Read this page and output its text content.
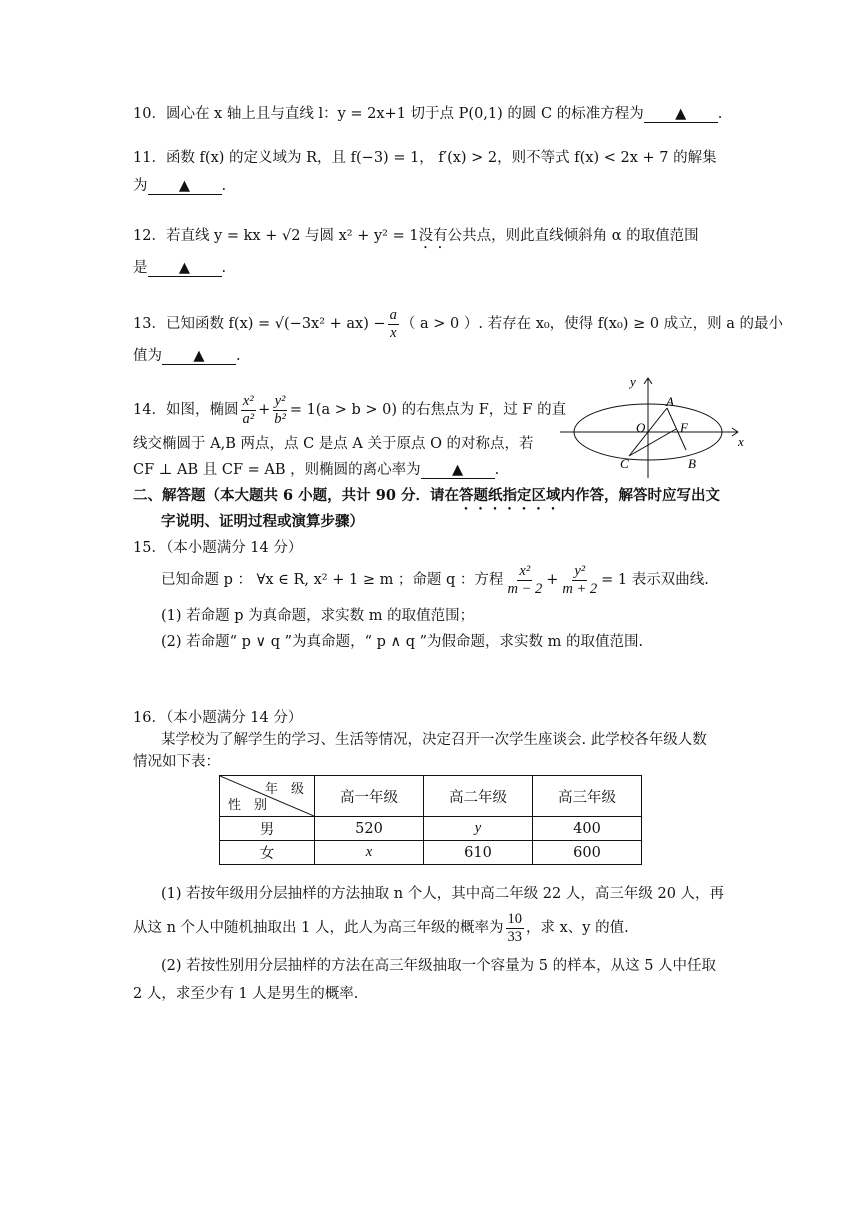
10．圆心在 x 轴上且与直线 l：y = 2x+1 切于点 P(0,1) 的圆 C 的标准方程为 ▲ .
11．函数 f(x) 的定义域为 R，且 f(−3) = 1， f′(x) > 2，则不等式 f(x) < 2x + 7 的解集
为 ▲ .
12．若直线 y = kx + √2 与圆 x² + y² = 1没有公共点，则此直线倾斜角 α 的取值范围
是 ▲ .
13．已知函数 $f(x) = √(-3x^2 + ax) - \frac{a}{x}$ （ a > 0 ）. 若存在 x₀，使得 f(x₀) ≥ 0 成立，则 a 的最小
值为 ▲ .
14．如图，椭圆 $\frac{\text{x²}}{\text{a²}} + \frac{\text{y²}}{\text{b²}} = 1(a > b > 0)$ 的右焦点为 F，过 F 的直
线交椭圆于 A,B 两点，点 C 是点 A 关于原点 O 的对称点，若
CF ⊥ AB 且 CF = AB ，则椭圆的离心率为 ▲ .
y
x
A
O	F
B
C
二、解答题（本大题共 6 小题，共计 90 分．请在答题纸指定区域内作答，解答时应写出文
字说明、证明过程或演算步骤）
15．（本小题满分 14 分）
已知命题 p ： ∀x ∈ R, x² + 1 ≥ m ；命题 q ：方程 $\frac{\text{x²}}{m - 2} + \frac{\text{y²}}{m + 2} = 1$ 表示双曲线.
(1) 若命题 p 为真命题，求实数 m 的取值范围；
(2) 若命题“ p ∨ q ”为真命题，“ p ∧ q ”为假命题，求实数 m 的取值范围.
16．（本小题满分 14 分）
某学校为了解学生的学习、生活等情况，决定召开一次学生座谈会. 此学校各年级人数
情况如下表：
年　级
性　别	高一年级	高二年级	高三年级
男	520	y	400
女	x	610	600
(1) 若按年级用分层抽样的方法抽取 n 个人，其中高二年级 22 人，高三年级 20 人，再
从这 n 个人中随机抽取出 1 人，此人为高三年级的概率为 $\frac{10}{33}$ ，求 x、y 的值.
(2) 若按性别用分层抽样的方法在高三年级抽取一个容量为 5 的样本，从这 5 人中任取
2 人，求至少有 1 人是男生的概率.
